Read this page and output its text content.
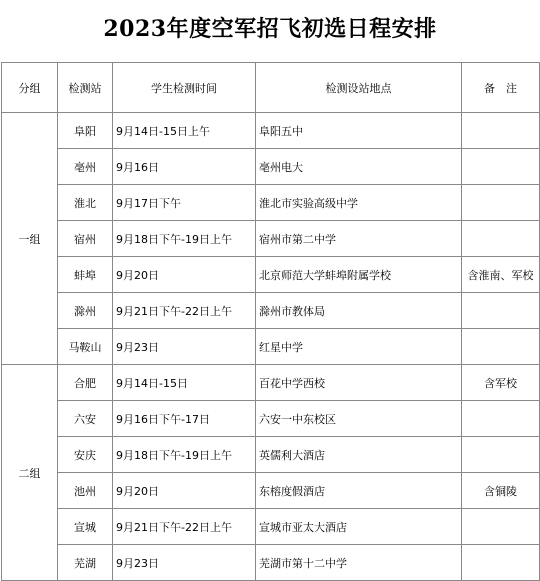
2023年度空军招飞初选日程安排
分组	检测站	学生检测时间	检测设站地点	备　注
一组	阜阳	9月14日-15日上午	阜阳五中	
	亳州	9月16日	亳州电大	
	淮北	9月17日下午	淮北市实验高级中学	
	宿州	9月18日下午-19日上午	宿州市第二中学	
	蚌埠	9月20日	北京师范大学蚌埠附属学校	含淮南、军校
	滁州	9月21日下午-22日上午	滁州市教体局	
	马鞍山	9月23日	红星中学	
二组	合肥	9月14日-15日	百花中学西校	含军校
	六安	9月16日下午-17日	六安一中东校区	
	安庆	9月18日下午-19日上午	英儒利大酒店	
	池州	9月20日	东榕度假酒店	含铜陵
	宣城	9月21日下午-22日上午	宣城市亚太大酒店	
	芜湖	9月23日	芜湖市第十二中学	
